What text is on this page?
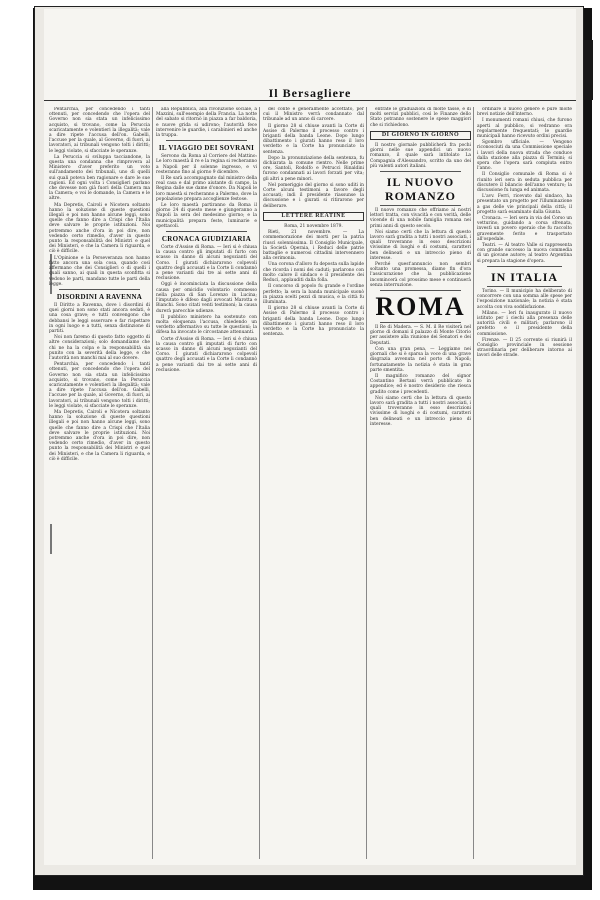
Il Bersagliere

Pentarchia, per concedendo i tanti ottenuti, per concedendo che l'opera del Governo non sia stata un infelicissimo acquisto, si trovano, come la Peruccia scaricatamente e volentieri la illegalità; vale a dire ripete l'accusa dell'on. Gabelli, l'accuse per la quale, al Governo, di fuori, ai lavoratori, ai tribunali vengono tolti i diritti; le leggi violate, si sfacciate le speranze.

La Peruccia si sviluppa tacciandone, la questa una condanna che rimprovera al Ministero d'aver preferito un voto sull'andamento dei tribunali, uno di quelli sui quali poteva ben ragionare e dare le sue ragioni. Ed ogni volta i Consiglieri parlano che dovesse non già fuori della Camera ma la Camera; e voi le domande, la Camera e le altre.

Ma Depretis, Cairoli e Nicotera soltanto hanno la soluzione di queste questioni illegali e poi non hanno alcune leggi, sono quelle che fanno dire a Crispi che l'Italia deve salvare le proprie istituzioni. Noi potremmo anche d'ora in poi dire, non vedendo certo rimedio, d'aver in questo punto la responsabilità dei Ministri e quel dei Ministeri, e che la Camera li riguarda, e ciò è difficile.

L'Opinione e la Perseveranza non hanno fatto ancora una sola cosa, quando così affermano che dei Consiglieri o di quelli i quali sanno, ai quali in questa sconfitta si vedono le parti, mandano tutte le parti della legge.

DISORDINI A RAVENNA

Il Diritto a Ravenna, dove i disordini di quei giorni non sono stati ancora sedati, è una cosa grave; e tutti convengono che debbansi le leggi osservare e far rispettare in ogni luogo e a tutti, senza distinzione di partiti.

Noi non faremo di questo fatto oggetto di altre considerazioni; solo domandiamo che chi ne ha la colpa e la responsabilità sia punito con la severità della legge, e che l'autorità non manchi mai al suo dovere.

Pentarchia, per concedendo i tanti ottenuti, per concedendo che l'opera del Governo non sia stata un infelicissimo acquisto, si trovano, come la Peruccia scaricatamente e volentieri la illegalità; vale a dire ripete l'accusa dell'on. Gabelli, l'accuse per la quale, al Governo, di fuori, ai lavoratori, ai tribunali vengono tolti i diritti; le leggi violate, si sfacciate le speranze.

Ma Depretis, Cairoli e Nicotera soltanto hanno la soluzione di queste questioni illegali e poi non hanno alcune leggi, sono quelle che fanno dire a Crispi che l'Italia deve salvare le proprie istituzioni. Noi potremmo anche d'ora in poi dire, non vedendo certo rimedio, d'aver in questo punto la responsabilità dei Ministri e quel dei Ministeri, e che la Camera li riguarda, e ciò è difficile.

alla Repubblica, alla rivoluzione sociale, a Mazzini, sull'esempio della Francia. La notte del sabato si ritornò in piazza a far baldoria, e nuove grida si udirono; l'autorità fece intervenire le guardie, i carabinieri ed anche la truppa.

IL VIAGGIO DEI SOVRANI

Servono da Roma al Corriere del Mattino: Le loro maestà il re e la regina si recheranno a Napoli per il solenne ingresso, e vi resteranno fino al giorno 9 dicembre.

Il Re sarà accompagnato dal ministro della real casa e dal primo aiutante di campo, la Regina dalle sue dame d'onore. Da Napoli le loro maestà si recheranno a Palermo, dove la popolazione prepara accoglienze festose.

Le loro maestà partiranno da Roma il giorno 24 di questo mese e giungeranno a Napoli la sera del medesimo giorno; e la municipalità prepara feste, luminarie e spettacoli.

CRONACA GIUDIZIARIA

Corte d'Assise di Roma. — Ieri si è chiusa la causa contro gli imputati di furto con scasso in danno di alcuni negozianti del Corso. I giurati dichiararono colpevoli quattro degli accusati e la Corte li condannò a pene varianti dai tre ai sette anni di reclusione.

Oggi è incominciata la discussione della causa per omicidio volontario commesso nella piazza di San Lorenzo in Lucina; l'imputato è difeso dagli avvocati Marotta e Bianchi. Sono citati venti testimoni; la causa durerà parecchie udienze.

Il pubblico ministero ha sostenuto con molta eloquenza l'accusa, chiedendo un verdetto affermativo su tutte le questioni; la difesa ha invocato le circostanze attenuanti.

Corte d'Assise di Roma. — Ieri si è chiusa la causa contro gli imputati di furto con scasso in danno di alcuni negozianti del Corso. I giurati dichiararono colpevoli quattro degli accusati e la Corte li condannò a pene varianti dai tre ai sette anni di reclusione.

del conte è generalmente accettato, per cui il Ministro verrà condannato dal tribunale ad un anno di carcere.

Il giorno 28 si chiuse avanti la Corte di Assise di Palermo il processo contro i briganti della banda Leone. Dopo lungo dibattimento i giurati hanno reso il loro verdetto e la Corte ha pronunciato la sentenza.

Dopo la pronunziazione della sentenza, fu dichiarata la comune rientro. Nelle prime ore, Santoli, Rodolfo e Petrucci Rinaldini furono condannati ai lavori forzati per vita; gli altri a pene minori.

Nel pomeriggio del giorno si sono uditi in Corte alcuni testimoni a favore degli accusati; indi il presidente riassunse la discussione e i giurati si ritirarono per deliberare.

LETTERE REATINE
Roma, 21 novembre 1879.

Rieti, 21 novembre. — La commemorazione dei morti per la patria riuscì solennissima. Il Consiglio Municipale, la Società Operaia, i Reduci delle patrie battaglie e numerosi cittadini intervennero alla cerimonia.

Una corona d'alloro fu deposta sulla lapide che ricorda i nomi dei caduti; parlarono con molto calore il sindaco e il presidente dei Reduci, applauditi dalla folla.

Il concorso di popolo fu grande e l'ordine perfetto; la sera la banda municipale suonò in piazza scelti pezzi di musica, e la città fu illuminata.

Il giorno 28 si chiuse avanti la Corte di Assise di Palermo il processo contro i briganti della banda Leone. Dopo lungo dibattimento i giurati hanno reso il loro verdetto e la Corte ha pronunciato la sentenza.

entrate le graduazioni di molte tasse, e di molti servizi pubblici, così le Finanze dello Stato potranno sostenere le spese maggiori che si richiedono.

DI GIORNO IN GIORNO

Il nostro giornale pubblicherà fra pochi giorni nelle sue appendici un nuovo romanzo, il quale sarà intitolato La Compagnia d'Alessandro, scritto da uno dei più valenti autori italiani.

IL NUOVO ROMANZO

Il nuovo romanzo che offriamo ai nostri lettori tratta, con vivacità e con verità, delle vicende di una nobile famiglia romana nei primi anni di questo secolo.

Noi siamo certi che la lettura di questo lavoro sarà gradita a tutti i nostri associati, i quali troveranno in esso descrizioni vivissime di luoghi e di costumi, caratteri ben delineati e un intreccio pieno di interesse.

Perché quest'annuncio non sembri soltanto una promessa, diamo fin d'ora l'assicurazione che la pubblicazione incomincerà col prossimo mese e continuerà senza interruzione.

ROMA

Il Re di Madera. — S. M. il Re visiterà nel giorno di domani il palazzo di Monte Citorio per assistere alla riunione dei Senatori e dei Deputati.

Con una gran pena, — Leggiamo nei giornali che si è sparsa la voce di una grave disgrazia avvenuta nel porto di Napoli; fortunatamente la notizia è stata in gran parte smentita.

Il magnifico romanzo del signor Costantino Bertani verrà pubblicato in appendice; ed è nostro desiderio che riesca gradito come i precedenti.

Noi siamo certi che la lettura di questo lavoro sarà gradita a tutti i nostri associati, i quali troveranno in esso descrizioni vivissime di luoghi e di costumi, caratteri ben delineati e un intreccio pieno di interesse.

ordinare il nuovo genere e pure molte brevi notizie dell'interno.

I monumenti romani chiusi, che furono aperti al pubblico, si vedranno ora regolarmente frequentati; le guardie municipali hanno ricevuto ordini precisi.

Sgombro ufficiale. — Vengono riconosciuti da una Commissione speciale i lavori della nuova strada che conduce dalla stazione alla piazza di Termini; si spera che l'opera sarà compiuta entro l'anno.

Il Consiglio comunale di Roma si è riunito ieri sera in seduta pubblica per discutere il bilancio dell'anno venturo; la discussione fu lunga ed animata.

L'avv. Ferri, ricevuto dal sindaco, ha presentato un progetto per l'illuminazione a gas delle vie principali della città; il progetto sarà esaminato dalla Giunta.

Cronaca. — Ieri sera in via del Corso un vetturino, guidando a corsa sfrenata, investì un povero operaio che fu raccolto gravemente ferito e trasportato all'ospedale.

Teatri. — Al teatro Valle si rappresenta con grande successo la nuova commedia di un giovane autore; al teatro Argentina si prepara la stagione d'opera.

IN ITALIA

Torino. — Il municipio ha deliberato di concorrere con una somma alle spese per l'esposizione nazionale; la notizia è stata accolta con viva soddisfazione.

Milano. — Ieri fu inaugurato il nuovo istituto per i ciechi alla presenza delle autorità civili e militari; parlarono il prefetto e il presidente della commissione.

Firenze. — Il 25 corrente si riunirà il Consiglio provinciale in sessione straordinaria per deliberare intorno ai lavori delle strade.
